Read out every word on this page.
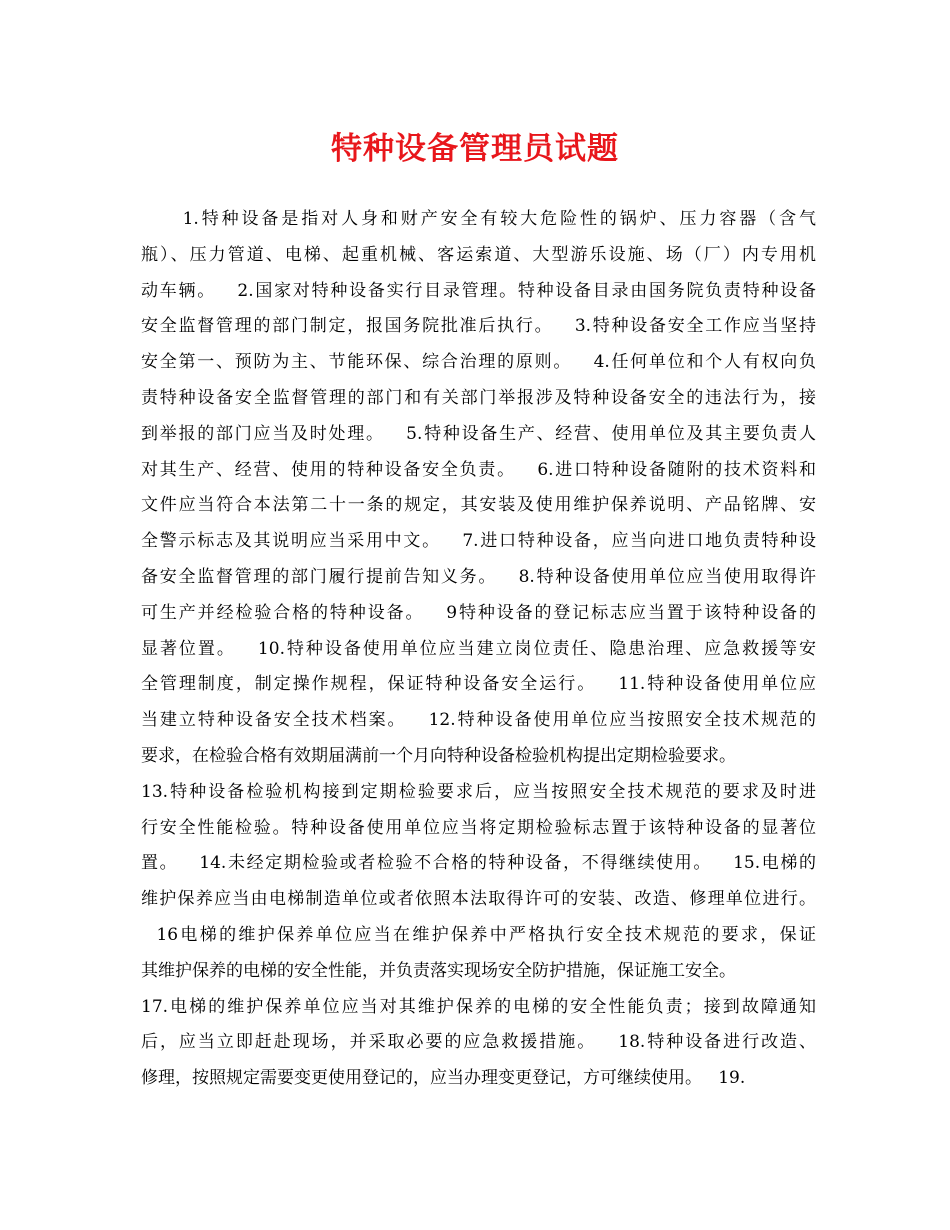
特种设备管理员试题
1.特种设备是指对人身和财产安全有较大危险性的锅炉、压力容器（含气
瓶）、压力管道、电梯、起重机械、客运索道、大型游乐设施、场（厂）内专用机
动车辆。   2.国家对特种设备实行目录管理。特种设备目录由国务院负责特种设备
安全监督管理的部门制定，报国务院批准后执行。   3.特种设备安全工作应当坚持
安全第一、预防为主、节能环保、综合治理的原则。   4.任何单位和个人有权向负
责特种设备安全监督管理的部门和有关部门举报涉及特种设备安全的违法行为，接
到举报的部门应当及时处理。   5.特种设备生产、经营、使用单位及其主要负责人
对其生产、经营、使用的特种设备安全负责。   6.进口特种设备随附的技术资料和
文件应当符合本法第二十一条的规定，其安装及使用维护保养说明、产品铭牌、安
全警示标志及其说明应当采用中文。   7.进口特种设备，应当向进口地负责特种设
备安全监督管理的部门履行提前告知义务。   8.特种设备使用单位应当使用取得许
可生产并经检验合格的特种设备。   9特种设备的登记标志应当置于该特种设备的
显著位置。   10.特种设备使用单位应当建立岗位责任、隐患治理、应急救援等安
全管理制度，制定操作规程，保证特种设备安全运行。   11.特种设备使用单位应
当建立特种设备安全技术档案。   12.特种设备使用单位应当按照安全技术规范的
要求，在检验合格有效期届满前一个月向特种设备检验机构提出定期检验要求。
13.特种设备检验机构接到定期检验要求后，应当按照安全技术规范的要求及时进
行安全性能检验。特种设备使用单位应当将定期检验标志置于该特种设备的显著位
置。   14.未经定期检验或者检验不合格的特种设备，不得继续使用。   15.电梯的
维护保养应当由电梯制造单位或者依照本法取得许可的安装、改造、修理单位进行。
16电梯的维护保养单位应当在维护保养中严格执行安全技术规范的要求，保证
其维护保养的电梯的安全性能，并负责落实现场安全防护措施，保证施工安全。
17.电梯的维护保养单位应当对其维护保养的电梯的安全性能负责；接到故障通知
后，应当立即赶赴现场，并采取必要的应急救援措施。   18.特种设备进行改造、
修理，按照规定需要变更使用登记的，应当办理变更登记，方可继续使用。   19.
